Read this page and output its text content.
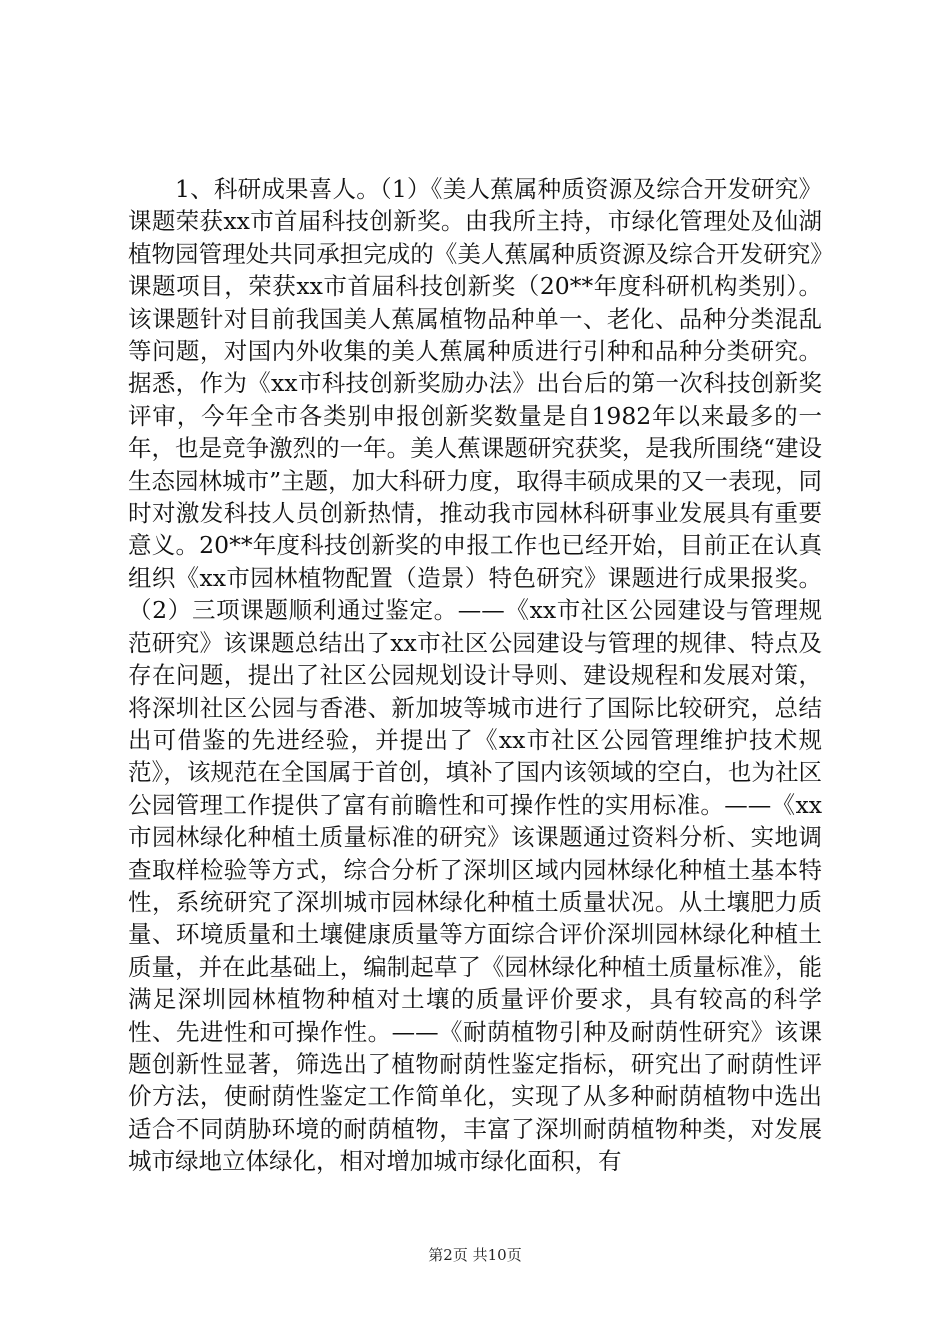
1、科研成果喜人。（1）《美人蕉属种质资源及综合开发研究》课题荣获xx市首届科技创新奖。由我所主持，市绿化管理处及仙湖植物园管理处共同承担完成的《美人蕉属种质资源及综合开发研究》课题项目，荣获xx市首届科技创新奖（20**年度科研机构类别）。该课题针对目前我国美人蕉属植物品种单一、老化、品种分类混乱等问题，对国内外收集的美人蕉属种质进行引种和品种分类研究。据悉，作为《xx市科技创新奖励办法》出台后的第一次科技创新奖评审，今年全市各类别申报创新奖数量是自1982年以来最多的一年，也是竞争激烈的一年。美人蕉课题研究获奖，是我所围绕“建设生态园林城市”主题，加大科研力度，取得丰硕成果的又一表现，同时对激发科技人员创新热情，推动我市园林科研事业发展具有重要意义。20**年度科技创新奖的申报工作也已经开始，目前正在认真组织《xx市园林植物配置（造景）特色研究》课题进行成果报奖。（2）三项课题顺利通过鉴定。——《xx市社区公园建设与管理规范研究》该课题总结出了xx市社区公园建设与管理的规律、特点及存在问题，提出了社区公园规划设计导则、建设规程和发展对策，将深圳社区公园与香港、新加坡等城市进行了国际比较研究，总结出可借鉴的先进经验，并提出了《xx市社区公园管理维护技术规范》，该规范在全国属于首创，填补了国内该领域的空白，也为社区公园管理工作提供了富有前瞻性和可操作性的实用标准。——《xx市园林绿化种植土质量标准的研究》该课题通过资料分析、实地调查取样检验等方式，综合分析了深圳区域内园林绿化种植土基本特性，系统研究了深圳城市园林绿化种植土质量状况。从土壤肥力质量、环境质量和土壤健康质量等方面综合评价深圳园林绿化种植土质量，并在此基础上，编制起草了《园林绿化种植土质量标准》，能满足深圳园林植物种植对土壤的质量评价要求，具有较高的科学性、先进性和可操作性。——《耐荫植物引种及耐荫性研究》该课题创新性显著，筛选出了植物耐荫性鉴定指标，研究出了耐荫性评价方法，使耐荫性鉴定工作简单化，实现了从多种耐荫植物中选出适合不同荫胁环境的耐荫植物，丰富了深圳耐荫植物种类，对发展城市绿地立体绿化，相对增加城市绿化面积，有

第2页 共10页
